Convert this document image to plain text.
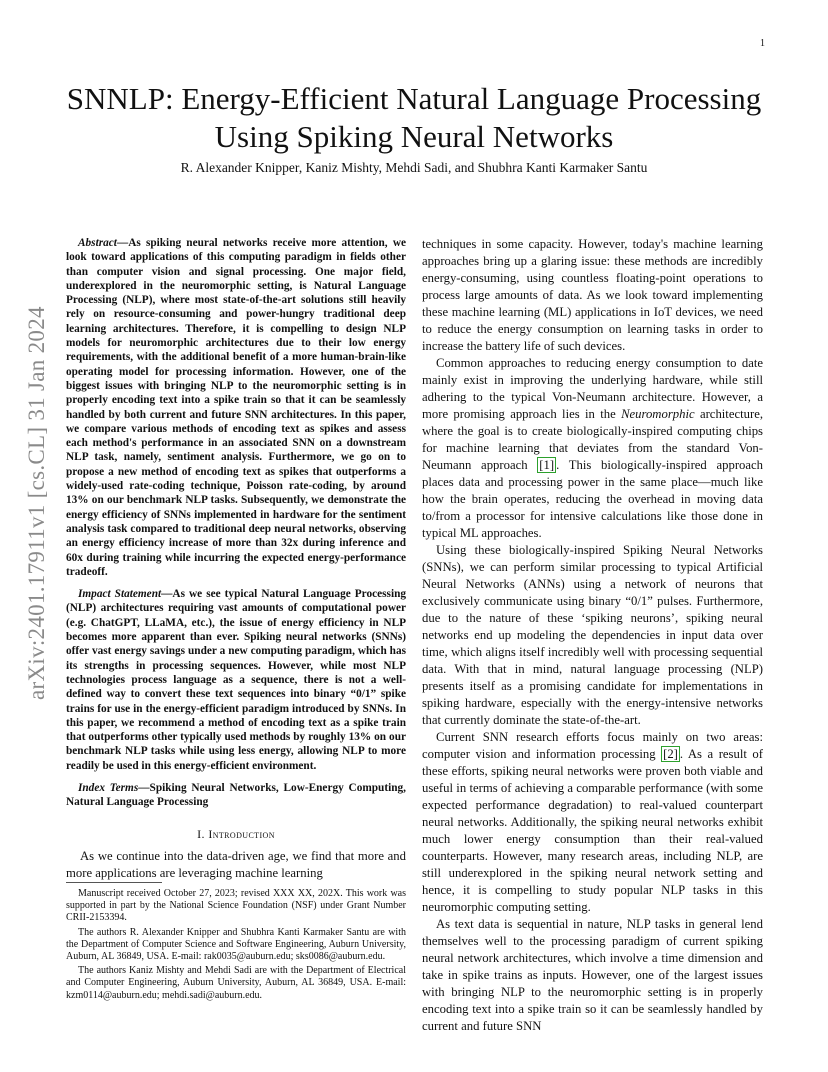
1
arXiv:2401.17911v1 [cs.CL] 31 Jan 2024
SNNLP: Energy-Efficient Natural Language Processing Using Spiking Neural Networks
R. Alexander Knipper, Kaniz Mishty, Mehdi Sadi, and Shubhra Kanti Karmaker Santu

Abstract—As spiking neural networks receive more attention, we look toward applications of this computing paradigm in fields other than computer vision and signal processing. One major field, underexplored in the neuromorphic setting, is Natural Language Processing (NLP), where most state-of-the-art solutions still heavily rely on resource-consuming and power-hungry traditional deep learning architectures. Therefore, it is compelling to design NLP models for neuromorphic architectures due to their low energy requirements, with the additional benefit of a more human-brain-like operating model for processing information. However, one of the biggest issues with bringing NLP to the neuromorphic setting is in properly encoding text into a spike train so that it can be seamlessly handled by both current and future SNN architectures. In this paper, we compare various methods of encoding text as spikes and assess each method's performance in an associated SNN on a downstream NLP task, namely, sentiment analysis. Furthermore, we go on to propose a new method of encoding text as spikes that outperforms a widely-used rate-coding technique, Poisson rate-coding, by around 13% on our benchmark NLP tasks. Subsequently, we demonstrate the energy efficiency of SNNs implemented in hardware for the sentiment analysis task compared to traditional deep neural networks, observing an energy efficiency increase of more than 32x during inference and 60x during training while incurring the expected energy-performance tradeoff.

Impact Statement—As we see typical Natural Language Processing (NLP) architectures requiring vast amounts of computational power (e.g. ChatGPT, LLaMA, etc.), the issue of energy efficiency in NLP becomes more apparent than ever. Spiking neural networks (SNNs) offer vast energy savings under a new computing paradigm, which has its strengths in processing sequences. However, while most NLP technologies process language as a sequence, there is not a well-defined way to convert these text sequences into binary “0/1” spike trains for use in the energy-efficient paradigm introduced by SNNs. In this paper, we recommend a method of encoding text as a spike train that outperforms other typically used methods by roughly 13% on our benchmark NLP tasks while using less energy, allowing NLP to more readily be used in this energy-efficient environment.

Index Terms—Spiking Neural Networks, Low-Energy Computing, Natural Language Processing

I. Introduction

As we continue into the data-driven age, we find that more and more applications are leveraging machine learning

Manuscript received October 27, 2023; revised XXX XX, 202X. This work was supported in part by the National Science Foundation (NSF) under Grant Number CRII-2153394.

The authors R. Alexander Knipper and Shubhra Kanti Karmaker Santu are with the Department of Computer Science and Software Engineering, Auburn University, Auburn, AL 36849, USA. E-mail: rak0035@auburn.edu; sks0086@auburn.edu.

The authors Kaniz Mishty and Mehdi Sadi are with the Department of Electrical and Computer Engineering, Auburn University, Auburn, AL 36849, USA. E-mail: kzm0114@auburn.edu; mehdi.sadi@auburn.edu.

techniques in some capacity. However, today's machine learning approaches bring up a glaring issue: these methods are incredibly energy-consuming, using countless floating-point operations to process large amounts of data. As we look toward implementing these machine learning (ML) applications in IoT devices, we need to reduce the energy consumption on learning tasks in order to increase the battery life of such devices.

Common approaches to reducing energy consumption to date mainly exist in improving the underlying hardware, while still adhering to the typical Von-Neumann architecture. However, a more promising approach lies in the Neuromorphic architecture, where the goal is to create biologically-inspired computing chips for machine learning that deviates from the standard Von-Neumann approach [1] . This biologically-inspired approach places data and processing power in the same place—much like how the brain operates, reducing the overhead in moving data to/from a processor for intensive calculations like those done in typical ML approaches.

Using these biologically-inspired Spiking Neural Networks (SNNs), we can perform similar processing to typical Artificial Neural Networks (ANNs) using a network of neurons that exclusively communicate using binary “0/1” pulses. Furthermore, due to the nature of these ‘spiking neurons’, spiking neural networks end up modeling the dependencies in input data over time, which aligns itself incredibly well with processing sequential data. With that in mind, natural language processing (NLP) presents itself as a promising candidate for implementations in spiking hardware, especially with the energy-intensive networks that currently dominate the state-of-the-art.

Current SNN research efforts focus mainly on two areas: computer vision and information processing [2] . As a result of these efforts, spiking neural networks were proven both viable and useful in terms of achieving a comparable performance (with some expected performance degradation) to real-valued counterpart neural networks. Additionally, the spiking neural networks exhibit much lower energy consumption than their real-valued counterparts. However, many research areas, including NLP, are still underexplored in the spiking neural network setting and hence, it is compelling to study popular NLP tasks in this neuromorphic computing setting.

As text data is sequential in nature, NLP tasks in general lend themselves well to the processing paradigm of current spiking neural network architectures, which involve a time dimension and take in spike trains as inputs. However, one of the largest issues with bringing NLP to the neuromorphic setting is in properly encoding text into a spike train so it can be seamlessly handled by current and future SNN
